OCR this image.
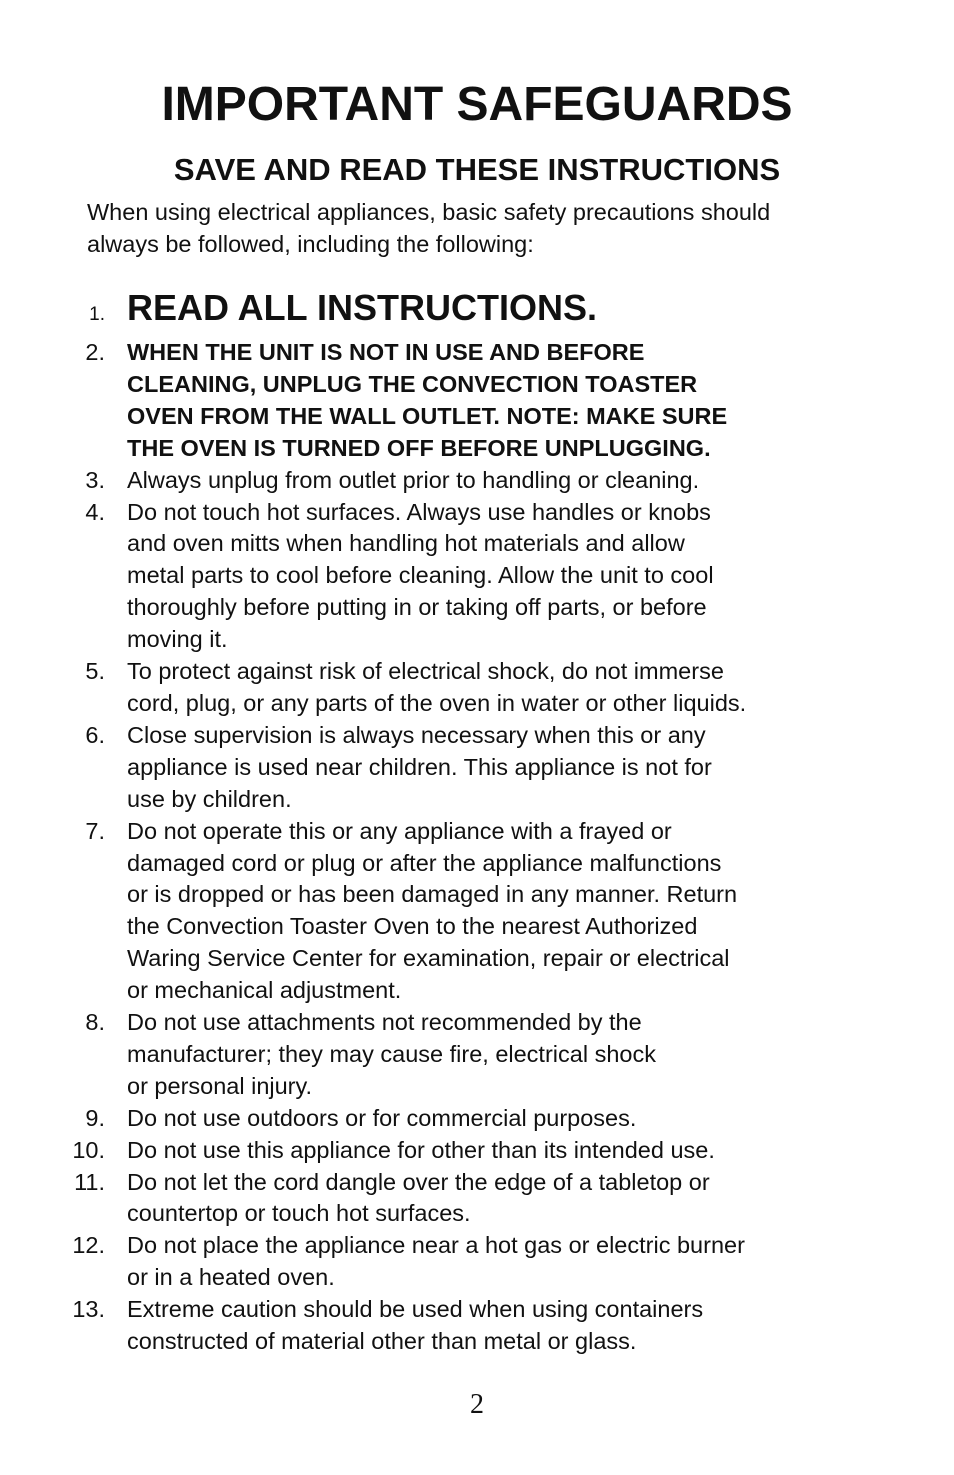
IMPORTANT SAFEGUARDS
SAVE AND READ THESE INSTRUCTIONS
When using electrical appliances, basic safety precautions should
always be followed, including the following:
1. READ ALL INSTRUCTIONS.
2. WHEN THE UNIT IS NOT IN USE AND BEFORE
CLEANING, UNPLUG THE CONVECTION TOASTER
OVEN FROM THE WALL OUTLET. NOTE: MAKE SURE
THE OVEN IS TURNED OFF BEFORE UNPLUGGING.
3. Always unplug from outlet prior to handling or cleaning.
4. Do not touch hot surfaces. Always use handles or knobs
and oven mitts when handling hot materials and allow
metal parts to cool before cleaning. Allow the unit to cool
thoroughly before putting in or taking off parts, or before
moving it.
5. To protect against risk of electrical shock, do not immerse
cord, plug, or any parts of the oven in water or other liquids.
6. Close supervision is always necessary when this or any
appliance is used near children. This appliance is not for
use by children.
7. Do not operate this or any appliance with a frayed or
damaged cord or plug or after the appliance malfunctions
or is dropped or has been damaged in any manner. Return
the Convection Toaster Oven to the nearest Authorized
Waring Service Center for examination, repair or electrical
or mechanical adjustment.
8. Do not use attachments not recommended by the
manufacturer; they may cause fire, electrical shock
or personal injury.
9. Do not use outdoors or for commercial purposes.
10. Do not use this appliance for other than its intended use.
11. Do not let the cord dangle over the edge of a tabletop or
countertop or touch hot surfaces.
12. Do not place the appliance near a hot gas or electric burner
or in a heated oven.
13. Extreme caution should be used when using containers
constructed of material other than metal or glass.
2
